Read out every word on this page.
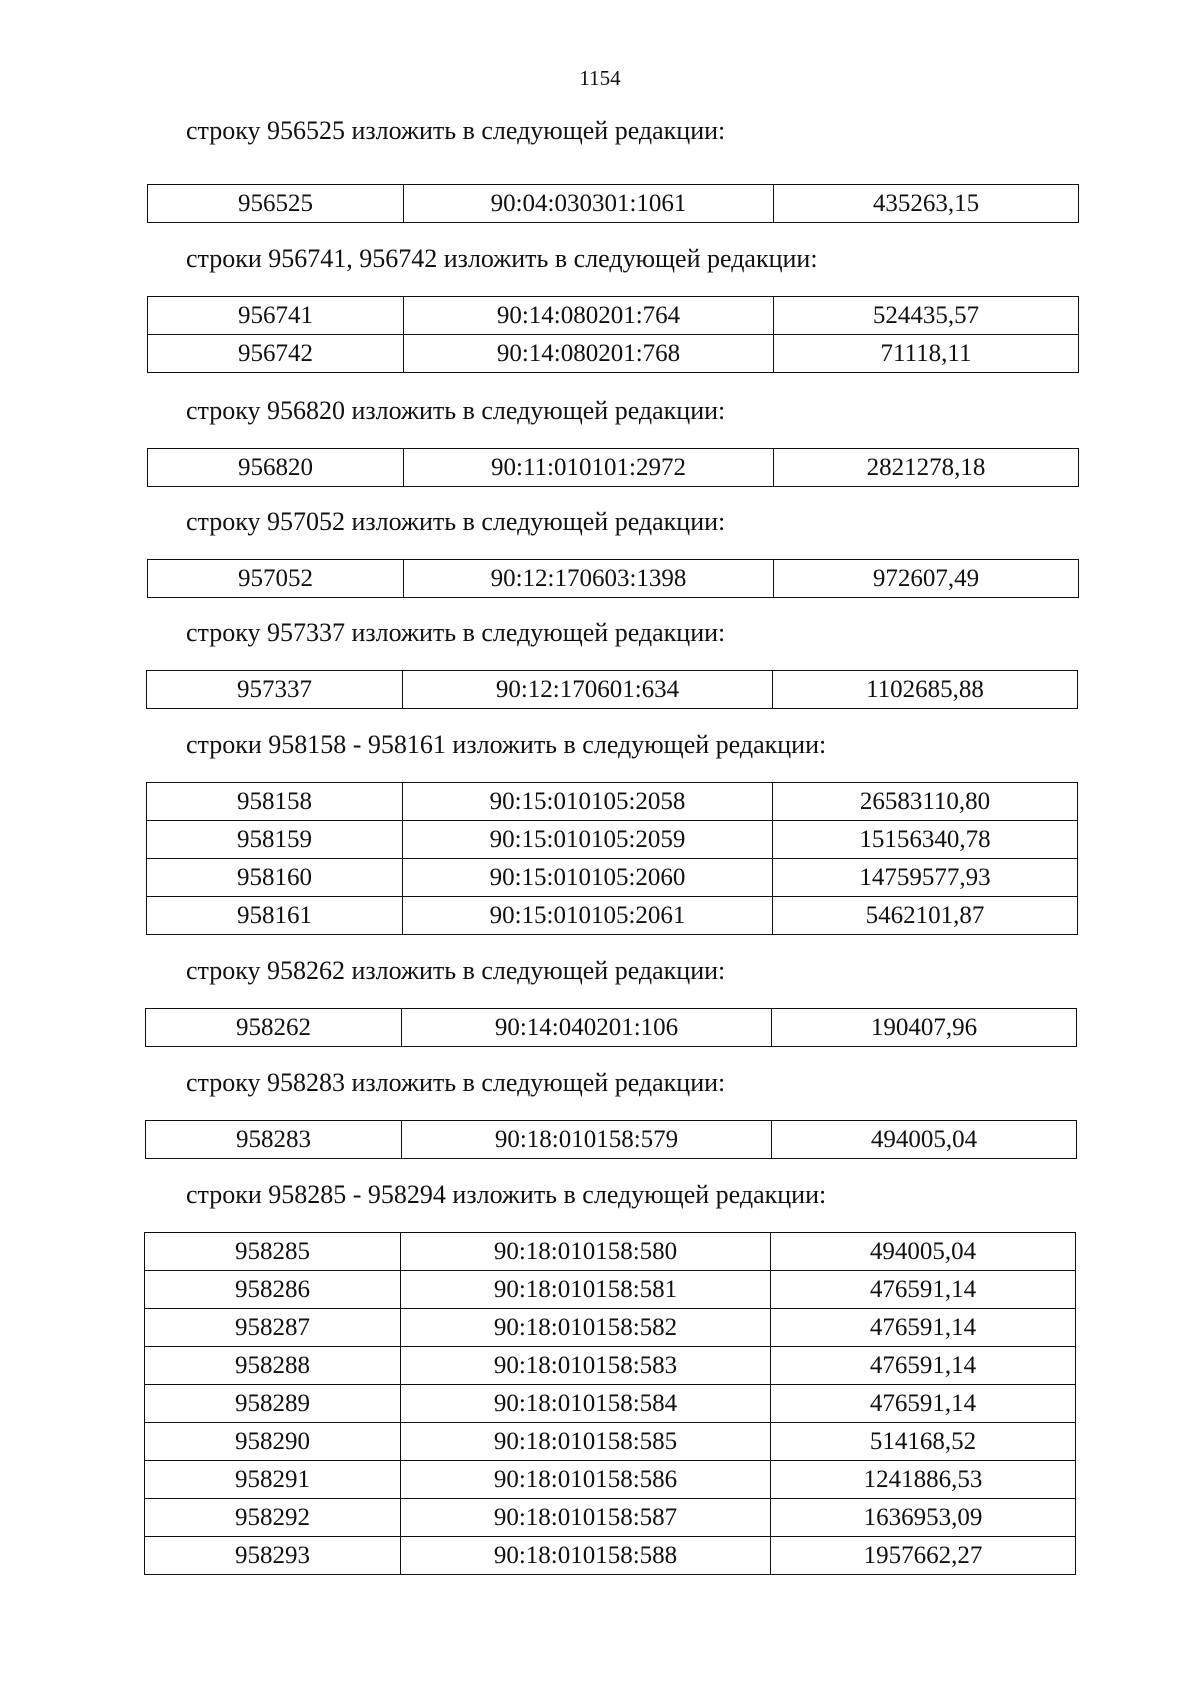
1154
строку 956525 изложить в следующей редакции:
956525	90:04:030301:1061	435263,15
строки 956741, 956742 изложить в следующей редакции:
956741	90:14:080201:764	524435,57
956742	90:14:080201:768	71118,11
строку 956820 изложить в следующей редакции:
956820	90:11:010101:2972	2821278,18
строку 957052 изложить в следующей редакции:
957052	90:12:170603:1398	972607,49
строку 957337 изложить в следующей редакции:
957337	90:12:170601:634	1102685,88
строки 958158 - 958161 изложить в следующей редакции:
958158	90:15:010105:2058	26583110,80
958159	90:15:010105:2059	15156340,78
958160	90:15:010105:2060	14759577,93
958161	90:15:010105:2061	5462101,87
строку 958262 изложить в следующей редакции:
958262	90:14:040201:106	190407,96
строку 958283 изложить в следующей редакции:
958283	90:18:010158:579	494005,04
строки 958285 - 958294 изложить в следующей редакции:
958285	90:18:010158:580	494005,04
958286	90:18:010158:581	476591,14
958287	90:18:010158:582	476591,14
958288	90:18:010158:583	476591,14
958289	90:18:010158:584	476591,14
958290	90:18:010158:585	514168,52
958291	90:18:010158:586	1241886,53
958292	90:18:010158:587	1636953,09
958293	90:18:010158:588	1957662,27
